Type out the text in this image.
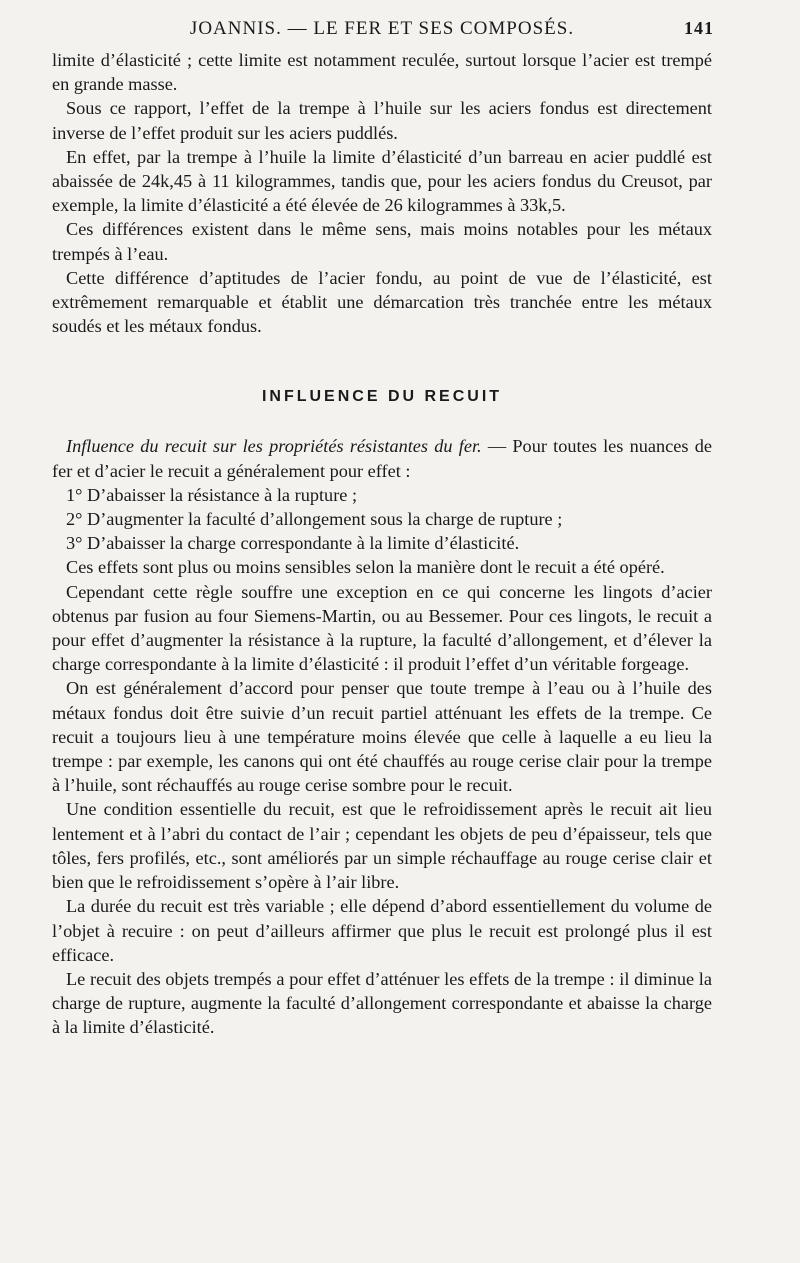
JOANNIS. — LE FER ET SES COMPOSÉS.	141

limite d’élasticité ; cette limite est notamment reculée, surtout lorsque l’acier est trempé en grande masse.

Sous ce rapport, l’effet de la trempe à l’huile sur les aciers fondus est directement inverse de l’effet produit sur les aciers puddlés.

En effet, par la trempe à l’huile la limite d’élasticité d’un barreau en acier puddlé est abaissée de 24k,45 à 11 kilogrammes, tandis que, pour les aciers fondus du Creusot, par exemple, la limite d’élasticité a été élevée de 26 kilogrammes à 33k,5.

Ces différences existent dans le même sens, mais moins notables pour les métaux trempés à l’eau.

Cette différence d’aptitudes de l’acier fondu, au point de vue de l’élasticité, est extrêmement remarquable et établit une démarcation très tranchée entre les métaux soudés et les métaux fondus.

INFLUENCE DU RECUIT

Influence du recuit sur les propriétés résistantes du fer. — Pour toutes les nuances de fer et d’acier le recuit a généralement pour effet :

1° D’abaisser la résistance à la rupture ;
2° D’augmenter la faculté d’allongement sous la charge de rupture ;
3° D’abaisser la charge correspondante à la limite d’élasticité.

Ces effets sont plus ou moins sensibles selon la manière dont le recuit a été opéré.

Cependant cette règle souffre une exception en ce qui concerne les lingots d’acier obtenus par fusion au four Siemens-Martin, ou au Bessemer. Pour ces lingots, le recuit a pour effet d’augmenter la résistance à la rupture, la faculté d’allongement, et d’élever la charge correspondante à la limite d’élasticité : il produit l’effet d’un véritable forgeage.

On est généralement d’accord pour penser que toute trempe à l’eau ou à l’huile des métaux fondus doit être suivie d’un recuit partiel atténuant les effets de la trempe. Ce recuit a toujours lieu à une température moins élevée que celle à laquelle a eu lieu la trempe : par exemple, les canons qui ont été chauffés au rouge cerise clair pour la trempe à l’huile, sont réchauffés au rouge cerise sombre pour le recuit.

Une condition essentielle du recuit, est que le refroidissement après le recuit ait lieu lentement et à l’abri du contact de l’air ; cependant les objets de peu d’épaisseur, tels que tôles, fers profilés, etc., sont améliorés par un simple réchauffage au rouge cerise clair et bien que le refroidissement s’opère à l’air libre.

La durée du recuit est très variable ; elle dépend d’abord essentiellement du volume de l’objet à recuire : on peut d’ailleurs affirmer que plus le recuit est prolongé plus il est efficace.

Le recuit des objets trempés a pour effet d’atténuer les effets de la trempe : il diminue la charge de rupture, augmente la faculté d’allongement correspondante et abaisse la charge à la limite d’élasticité.
